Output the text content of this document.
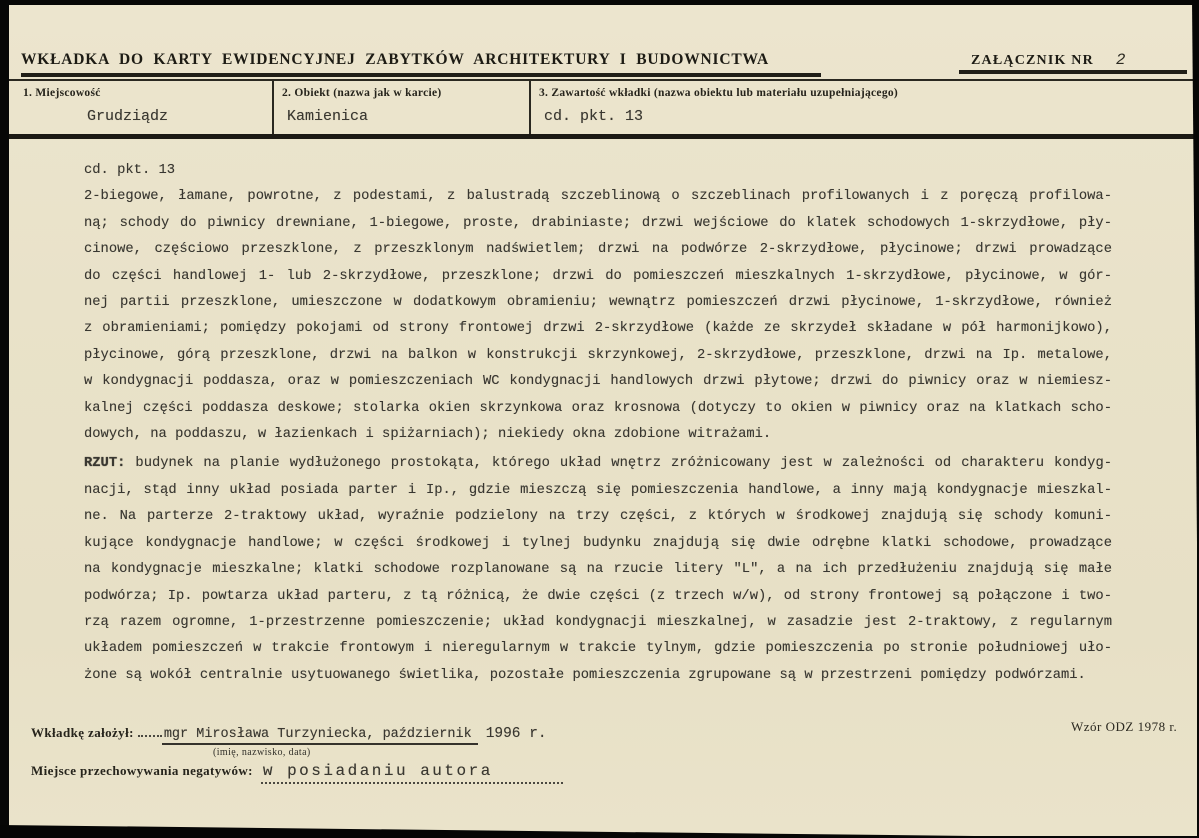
WKŁADKA DO KARTY EWIDENCYJNEJ ZABYTKÓW ARCHITEKTURY I BUDOWNICTWA	ZAŁĄCZNIK NR 2
1. Miejscowość
Grudziądz
2. Obiekt (nazwa jak w karcie)
Kamienica
3. Zawartość wkładki (nazwa obiektu lub materiału uzupełniającego)
cd. pkt. 13
cd. pkt. 13
2-biegowe, łamane, powrotne, z podestami, z balustradą szczeblinową o szczeblinach profilowanych i z poręczą profilowa-
ną; schody do piwnicy drewniane, 1-biegowe, proste, drabiniaste; drzwi wejściowe do klatek schodowych 1-skrzydłowe, pły-
cinowe, częściowo przeszklone, z przeszklonym nadświetlem; drzwi na podwórze 2-skrzydłowe, płycinowe; drzwi prowadzące
do części handlowej 1- lub 2-skrzydłowe, przeszklone; drzwi do pomieszczeń mieszkalnych 1-skrzydłowe, płycinowe, w gór-
nej partii przeszklone, umieszczone w dodatkowym obramieniu; wewnątrz pomieszczeń drzwi płycinowe, 1-skrzydłowe, również
z obramieniami; pomiędzy pokojami od strony frontowej drzwi 2-skrzydłowe (każde ze skrzydeł składane w pół harmonijkowo),
płycinowe, górą przeszklone, drzwi na balkon w konstrukcji skrzynkowej, 2-skrzydłowe, przeszklone, drzwi na Ip. metalowe,
w kondygnacji poddasza, oraz w pomieszczeniach WC kondygnacji handlowych drzwi płytowe; drzwi do piwnicy oraz w niemiesz-
kalnej części poddasza deskowe; stolarka okien skrzynkowa oraz krosnowa (dotyczy to okien w piwnicy oraz na klatkach scho-
dowych, na poddaszu, w łazienkach i spiżarniach); niekiedy okna zdobione witrażami.
RZUT: budynek na planie wydłużonego prostokąta, którego układ wnętrz zróżnicowany jest w zależności od charakteru kondyg-
nacji, stąd inny układ posiada parter i Ip., gdzie mieszczą się pomieszczenia handlowe, a inny mają kondygnacje mieszkal-
ne. Na parterze 2-traktowy układ, wyraźnie podzielony na trzy części, z których w środkowej znajdują się schody komuni-
kujące kondygnacje handlowe; w części środkowej i tylnej budynku znajdują się dwie odrębne klatki schodowe, prowadzące
na kondygnacje mieszkalne; klatki schodowe rozplanowane są na rzucie litery "L", a na ich przedłużeniu znajdują się małe
podwórza; Ip. powtarza układ parteru, z tą różnicą, że dwie części (z trzech w/w), od strony frontowej są połączone i two-
rzą razem ogromne, 1-przestrzenne pomieszczenie; układ kondygnacji mieszkalnej, w zasadzie jest 2-traktowy, z regularnym
układem pomieszczeń w trakcie frontowym i nieregularnym w trakcie tylnym, gdzie pomieszczenia po stronie południowej uło-
żone są wokół centralnie usytuowanego świetlika, pozostałe pomieszczenia zgrupowane są w przestrzeni pomiędzy podwórzami.
Wkładkę założył: mgr Mirosława Turzyniecka, październik 1996 r.
(imię, nazwisko, data)
Wzór ODZ 1978 r.
Miejsce przechowywania negatywów: w posiadaniu autora
